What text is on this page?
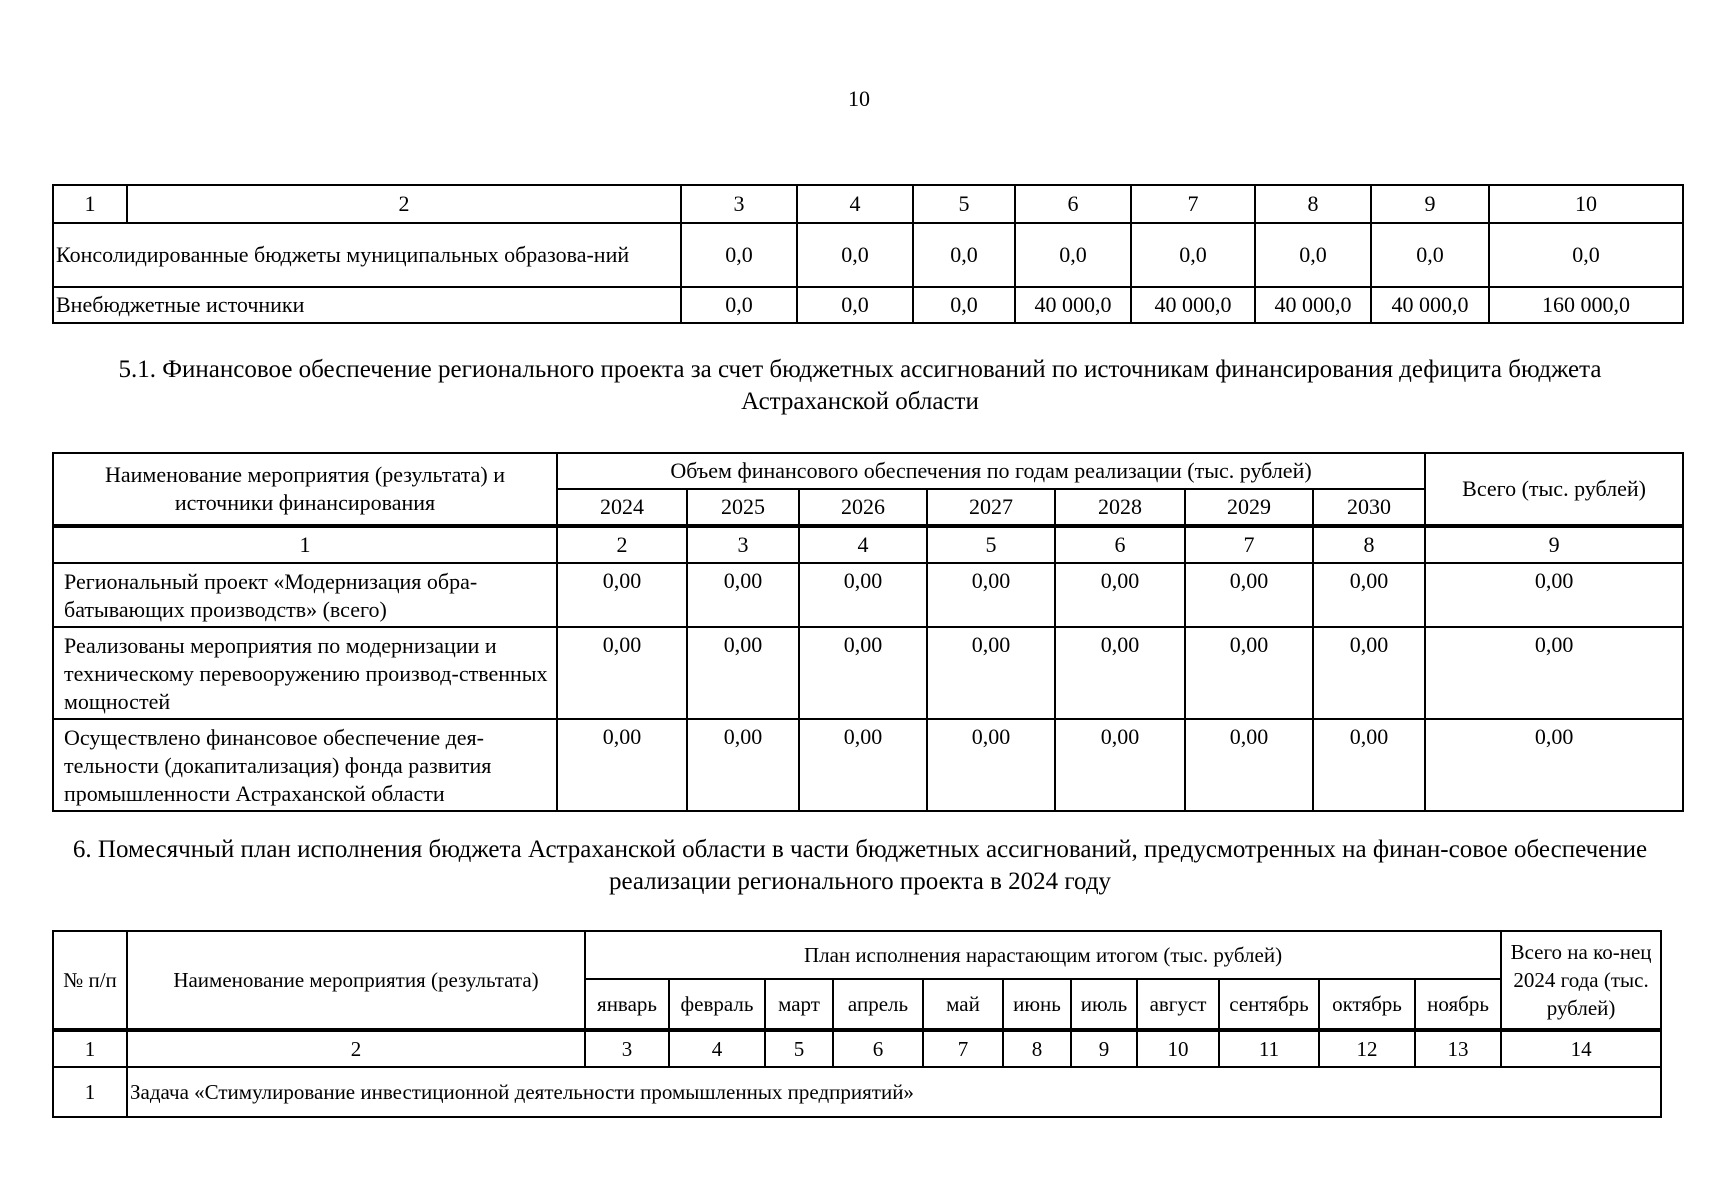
10
1	2	3	4	5	6	7	8	9	10
Консолидированные бюджеты муниципальных образова-ний		0,0	0,0	0,0	0,0	0,0	0,0	0,0	0,0
Внебюджетные источники		0,0	0,0	0,0	40 000,0	40 000,0	40 000,0	40 000,0	160 000,0
5.1. Финансовое обеспечение регионального проекта за счет бюджетных ассигнований по источникам финансирования дефицита бюджета Астраханской области
Наименование мероприятия (результата) и источники финансирования	Объем финансового обеспечения по годам реализации (тыс. рублей)							Всего (тыс. рублей)
	2024	2025	2026	2027	2028	2029	2030	
1	2	3	4	5	6	7	8	9
Региональный проект «Модернизация обра-батывающих производств» (всего)	0,00	0,00	0,00	0,00	0,00	0,00	0,00	0,00
Реализованы мероприятия по модернизации и техническому перевооружению производ-ственных мощностей	0,00	0,00	0,00	0,00	0,00	0,00	0,00	0,00
Осуществлено финансовое обеспечение дея-тельности (докапитализация) фонда развития промышленности Астраханской области	0,00	0,00	0,00	0,00	0,00	0,00	0,00	0,00
6. Помесячный план исполнения бюджета Астраханской области в части бюджетных ассигнований, предусмотренных на финан-совое обеспечение реализации регионального проекта в 2024 году
№ п/п	Наименование мероприятия (результата)	План исполнения нарастающим итогом (тыс. рублей)											Всего на ко-нец 2024 года (тыс. рублей)
		январь	февраль	март	апрель	май	июнь	июль	август	сентябрь	октябрь	ноябрь	
1	2	3	4	5	6	7	8	9	10	11	12	13	14
1	Задача «Стимулирование инвестиционной деятельности промышленных предприятий»												
